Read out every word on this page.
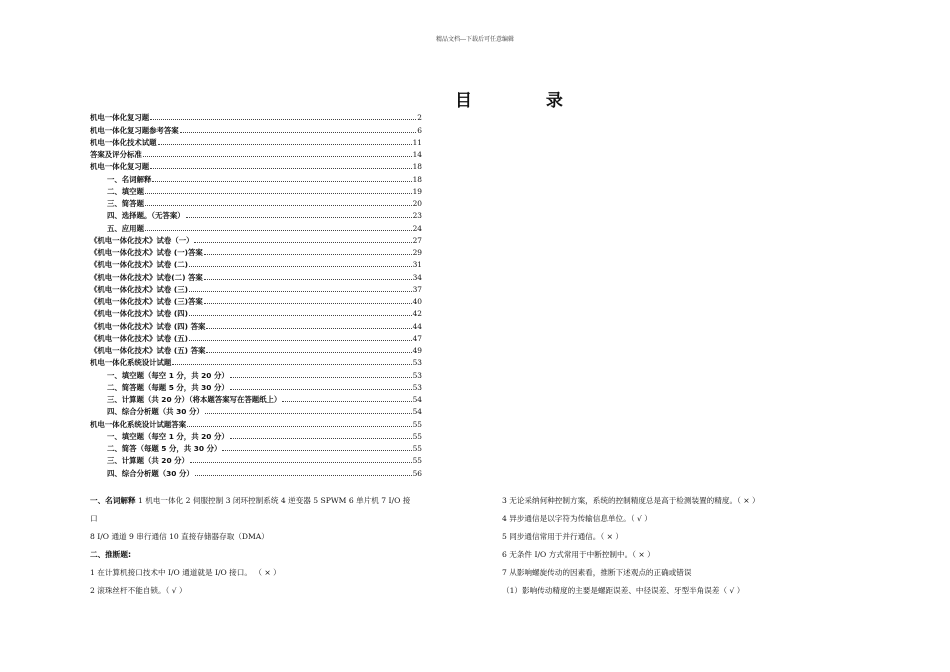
精品文档---下载后可任意编辑
目 录
机电一体化复习题	2
机电一体化复习题参考答案	6
机电一体化技术试题	11
答案及评分标准	14
机电一体化复习题	18
一、名词解释	18
二、填空题	19
三、简答题	20
四、选择题。（无答案）	23
五、应用题	24
《机电一体化技术》试卷（一）	27
《机电一体化技术》试卷 (一)答案	29
《机电一体化技术》试卷 (二)	31
《机电一体化技术》试卷(二) 答案	34
《机电一体化技术》试卷 (三)	37
《机电一体化技术》试卷 (三)答案	40
《机电一体化技术》试卷 (四)	42
《机电一体化技术》试卷 (四) 答案	44
《机电一体化技术》试卷 (五)	47
《机电一体化技术》试卷 (五) 答案	49
机电一体化系统设计试题	53
一、填空题（每空 1 分，共 20 分）	53
二、简答题（每题 5 分，共 30 分）	53
三、计算题（共 20 分）（将本题答案写在答题纸上）	54
四、综合分析题（共 30 分）	54
机电一体化系统设计试题答案	55
一、填空题（每空 1 分，共 20 分）	55
二、简答（每题 5 分，共 30 分）	55
三、计算题（共 20 分）	55
四、综合分析题（30 分）	56

一、名词解释 1 机电一体化 2 伺服控制 3 闭环控制系统 4 逆变器 5 SPWM 6 单片机 7 I/O 接

口

8 I/O 通道 9 串行通信 10 直接存储器存取（DMA）

二、推断题:

1 在计算机接口技术中 I/O 通道就是 I/O 接口。 （ × ）

2 滚珠丝杆不能自锁。（ √ ）

3 无论采纳何种控制方案，系统的控制精度总是高于检测装置的精度。（ × ）

4 异步通信是以字符为传输信息单位。（ √ ）

5 同步通信常用于并行通信。（ × ）

6 无条件 I/O 方式常用于中断控制中。（ × ）

7 从影响螺旋传动的因素看，推断下述观点的正确或错误

（1）影响传动精度的主要是螺距误差、中径误差、牙型半角误差（ √ ）
